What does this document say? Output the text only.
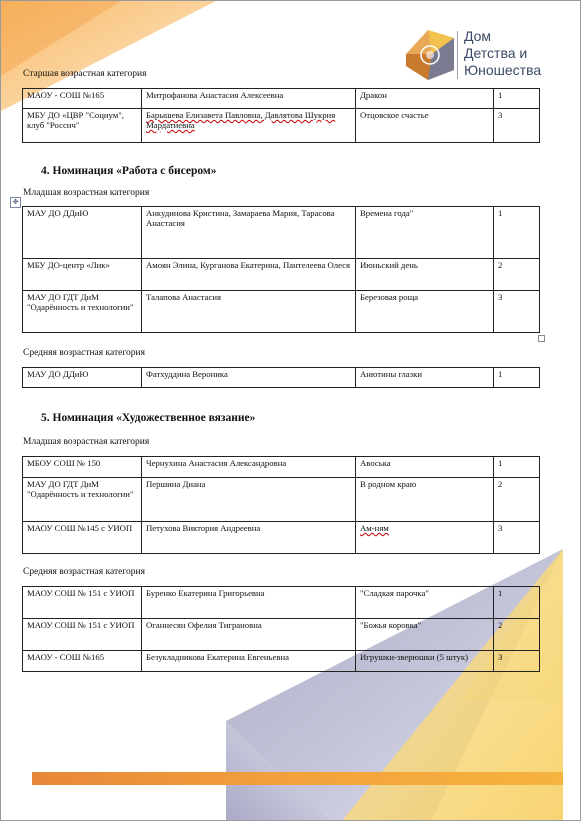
Дом
Детства и
Юношества
Старшая возрастная категория
МАОУ - СОШ №165	Митрофанова Анастасия Алексеевна	Дракон	1
МБУ ДО «ЦВР "Социум", клуб "Россич"	Барышева Елизавета Павловна, Давлятова Шукрия Мардатиевна	Отцовское счастье	3
4. Номинация «Работа с бисером»
Младшая возрастная категория
✥
МАУ ДО ДДиЮ	Анкудинова Кристина, Замараева Мария, Тарасова Анастасия	Времена года"	1
МБУ ДО-центр «Лик»	Амоян Элина, Курганова Екатерина, Пантелеева Олеся	Июньский день	2
МАУ ДО ГДТ ДиМ "Одарённость и технологии"	Талапова Анастасия	Березовая роща	3
Средняя возрастная категория
МАУ ДО ДДиЮ	Фатхуддина Вероника	Анютины глазки	1
5. Номинация «Художественное вязание»
Младшая возрастная категория
МБОУ СОШ № 150	Чернухина Анастасия Александровна	Авоська	1
МАУ ДО ГДТ ДиМ "Одарённость и технологии"	Першина Диана	В родном краю	2
МАОУ СОШ №145 с УИОП	Петухова Виктория Андреевна	Ам-ням	3
Средняя возрастная категория
МАОУ СОШ № 151 с УИОП	Буренко Екатерина Григорьевна	"Сладкая парочка"	1
МАОУ СОШ № 151 с УИОП	Оганнесян Офелия Тиграновна	"Божья коровка"	2
МАОУ - СОШ №165	Безукладникова Екатерина Евгеньевна	Игрушки-зверюшки (5 штук)	3
